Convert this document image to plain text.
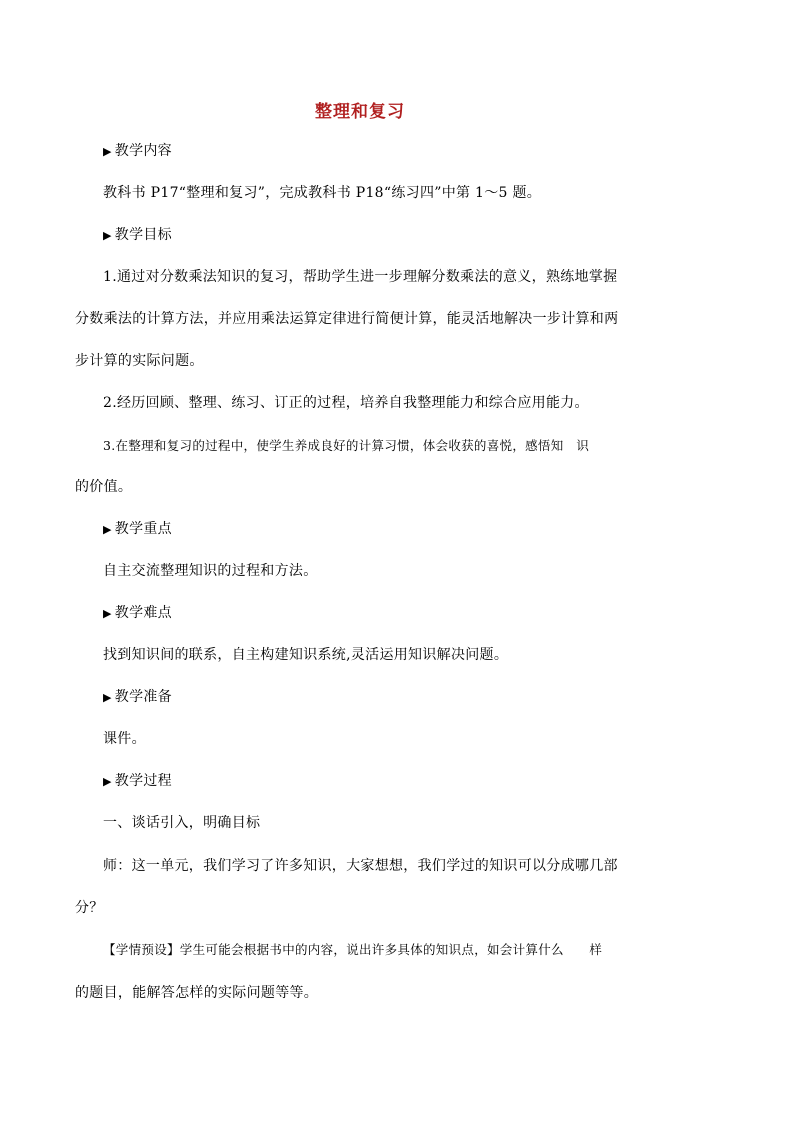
整理和复习
▶ 教学内容
教科书 P17“整理和复习”，完成教科书 P18“练习四”中第 1～5 题。
▶ 教学目标
1.通过对分数乘法知识的复习，帮助学生进一步理解分数乘法的意义，熟练地掌握
分数乘法的计算方法，并应用乘法运算定律进行简便计算，能灵活地解决一步计算和两
步计算的实际问题。
2.经历回顾、整理、练习、订正的过程，培养自我整理能力和综合应用能力。
3.在整理和复习的过程中，使学生养成良好的计算习惯，体会收获的喜悦，感悟知　识
的价值。
▶ 教学重点
自主交流整理知识的过程和方法。
▶ 教学难点
找到知识间的联系，自主构建知识系统,灵活运用知识解决问题。
▶ 教学准备
课件。
▶ 教学过程
一、谈话引入，明确目标
师：这一单元，我们学习了许多知识，大家想想，我们学过的知识可以分成哪几部
分？
【学情预设】学生可能会根据书中的内容，说出许多具体的知识点，如会计算什么　　样
的题目，能解答怎样的实际问题等等。
